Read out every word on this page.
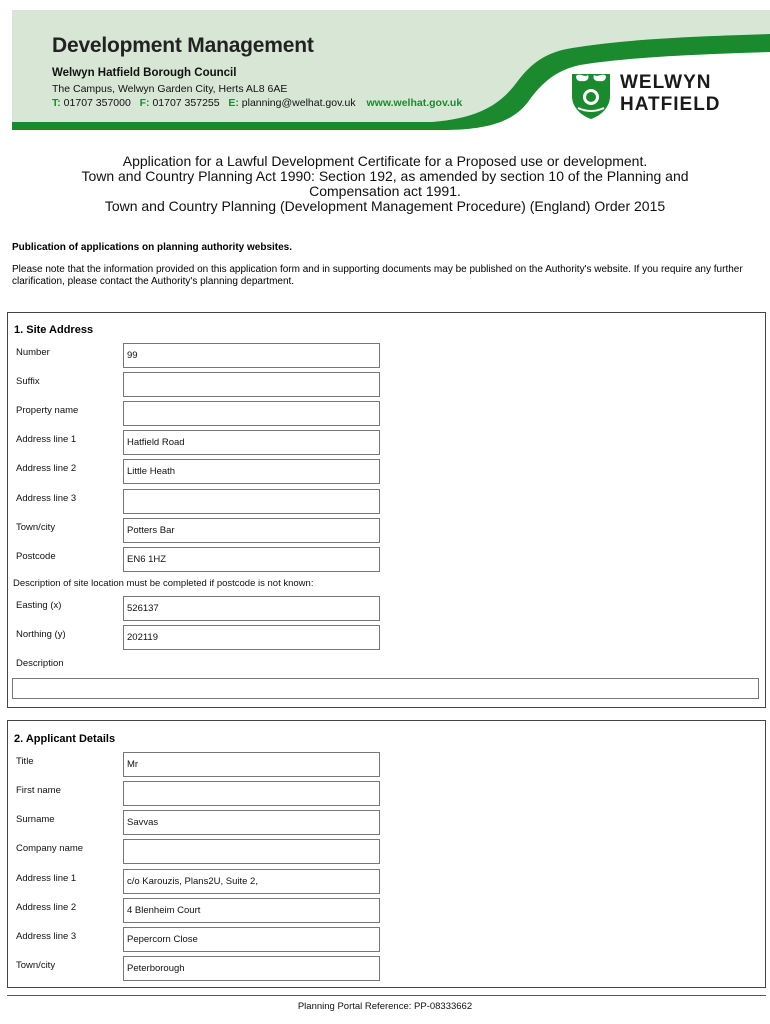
Development Management
Welwyn Hatfield Borough Council
The Campus, Welwyn Garden City, Herts AL8 6AE
T: 01707 357000 F: 01707 357255 E: planning@welhat.gov.uk www.welhat.gov.uk
WELWYN
HATFIELD
Application for a Lawful Development Certificate for a Proposed use or development.
Town and Country Planning Act 1990: Section 192, as amended by section 10 of the Planning and
Compensation act 1991.
Town and Country Planning (Development Management Procedure) (England) Order 2015
Publication of applications on planning authority websites.
Please note that the information provided on this application form and in supporting documents may be published on the Authority's website. If you require any further clarification, please contact the Authority's planning department.
1. Site Address
Number	99
Suffix
Property name
Address line 1	Hatfield Road
Address line 2	Little Heath
Address line 3
Town/city	Potters Bar
Postcode	EN6 1HZ
Description of site location must be completed if postcode is not known:
Easting (x)	526137
Northing (y)	202119
Description
2. Applicant Details
Title	Mr
First name
Surname	Savvas
Company name
Address line 1	c/o Karouzis, Plans2U, Suite 2,
Address line 2	4 Blenheim Court
Address line 3	Pepercorn Close
Town/city	Peterborough
Planning Portal Reference: PP-08333662
